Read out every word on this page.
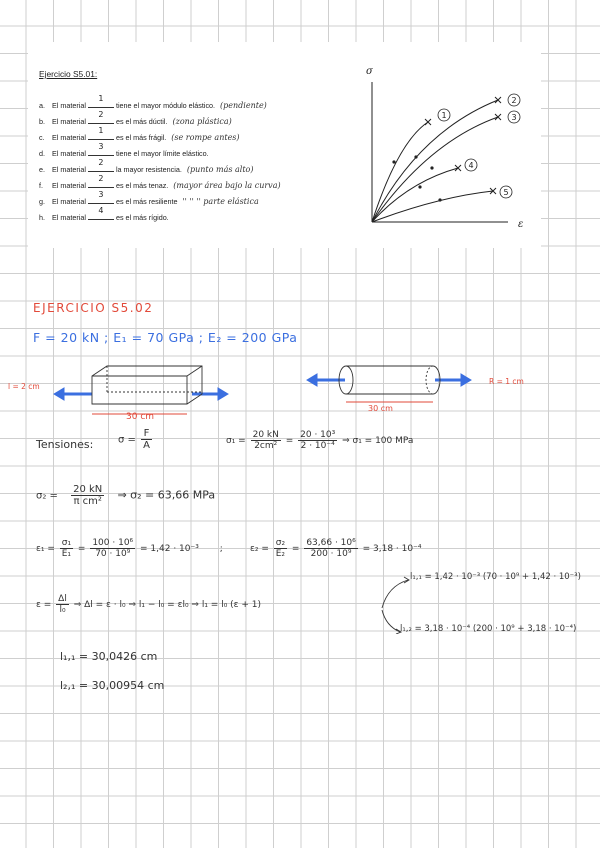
Ejercicio S5.01:
a. El material
1
tiene el mayor módulo elástico. (pendiente)
b. El material
2
es el más dúctil. (zona plástica)
c. El material
1
es el más frágil. (se rompe antes)
d. El material
3
tiene el mayor límite elástico.
e. El material
2
la mayor resistencia. (punto más alto)
f. El material
2
es el más tenaz. (mayor área bajo la curva)
g. El material
3
es el más resiliente '' '' '' parte elástica
h. El material
4
es el más rígido.
σ
ε
1
2
3
4
5
EJERCICIO S5.02
F = 20 kN ; E₁ = 70 GPa ; E₂ = 200 GPa
l = 2 cm
30 cm
30 cm
R = 1 cm
Tensiones: $\sigma = \frac{F}{A}$	$\sigma_1 = \frac{20 kN}{\text{2cm²}} = \frac{\text{20 · 10³}}{\text{2 · 10⁻⁴}}$ ⇒ σ₁ = 100 MPa
$\sigma_2 = \frac{20 kN}{\text{π cm²}}$ ⇒ σ₂ = 63,66 MPa
$\varepsilon_1 = \frac{\text{σ₁}}{\text{E₁}} = \frac{\text{100 · 10⁶}}{\text{70 · 10⁹}} = 1,42 \cdot 10^{-3}$ ;	$\varepsilon_2 = \frac{\text{σ₂}}{\text{E₂}} = \frac{\text{63,66 · 10⁶}}{\text{200 · 10⁹}} = 3,18 \cdot 10^{-4}$
$\varepsilon = \frac{\Delta l}{\text{l₀}}$ ⇒ Δl = ε · l₀ ⇒ l₁ − l₀ = εl₀ ⇒ l₁ = l₀ (ε + 1)
l₁,₁ = 1,42 · 10⁻³ (70 · 10⁹ + 1,42 · 10⁻³)
l₁,₂ = 3,18 · 10⁻⁴ (200 · 10⁹ + 3,18 · 10⁻⁴)
l₁,₁ = 30,0426 cm
l₂,₁ = 30,00954 cm
